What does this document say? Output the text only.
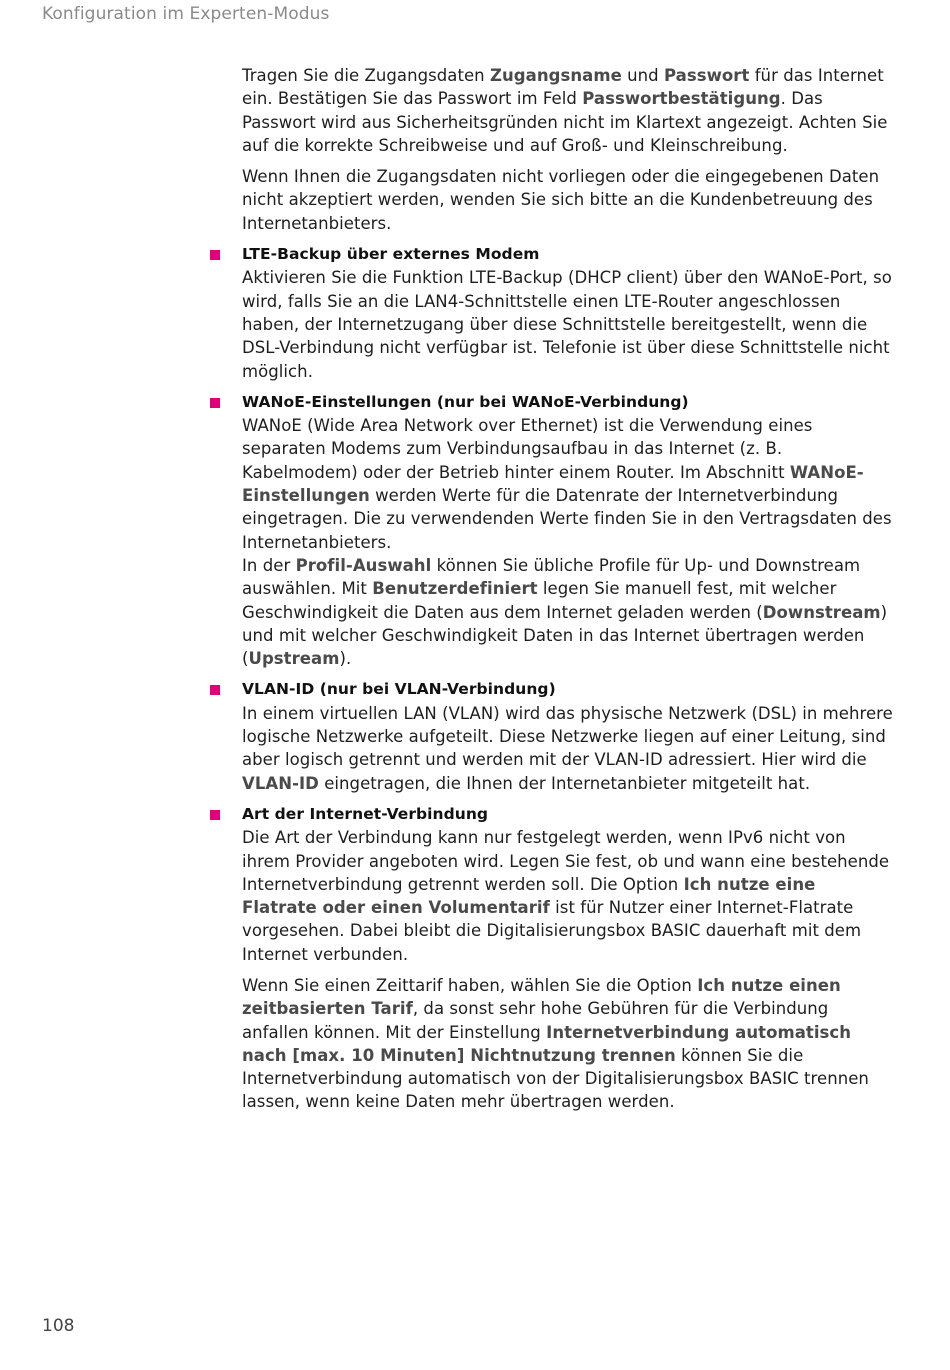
Konfiguration im Experten-Modus

Tragen Sie die Zugangsdaten Zugangsname und Passwort für das Internet ein. Bestätigen Sie das Passwort im Feld Passwortbestätigung. Das Passwort wird aus Sicherheitsgründen nicht im Klartext angezeigt. Achten Sie auf die korrekte Schreibweise und auf Groß- und Kleinschreibung.

Wenn Ihnen die Zugangsdaten nicht vorliegen oder die eingegebenen Daten nicht akzeptiert werden, wenden Sie sich bitte an die Kundenbetreuung des Internetanbieters.

LTE-Backup über externes Modem

Aktivieren Sie die Funktion LTE-Backup (DHCP client) über den WANoE-Port, so wird, falls Sie an die LAN4-Schnittstelle einen LTE-Router angeschlossen haben, der Internetzugang über diese Schnittstelle bereitgestellt, wenn die DSL-Verbindung nicht verfügbar ist. Telefonie ist über diese Schnittstelle nicht möglich.

WANoE-Einstellungen (nur bei WANoE-Verbindung)

WANoE (Wide Area Network over Ethernet) ist die Verwendung eines separaten Modems zum Verbindungsaufbau in das Internet (z. B. Kabelmodem) oder der Betrieb hinter einem Router. Im Abschnitt WANoE-Einstellungen werden Werte für die Datenrate der Internetverbindung eingetragen. Die zu verwendenden Werte finden Sie in den Vertragsdaten des Internetanbieters.

In der Profil-Auswahl können Sie übliche Profile für Up- und Downstream auswählen. Mit Benutzerdefiniert legen Sie manuell fest, mit welcher Geschwindigkeit die Daten aus dem Internet geladen werden (Downstream) und mit welcher Geschwindigkeit Daten in das Internet übertragen werden (Upstream).

VLAN-ID (nur bei VLAN-Verbindung)

In einem virtuellen LAN (VLAN) wird das physische Netzwerk (DSL) in mehrere logische Netzwerke aufgeteilt. Diese Netzwerke liegen auf einer Leitung, sind aber logisch getrennt und werden mit der VLAN-ID adressiert. Hier wird die VLAN-ID eingetragen, die Ihnen der Internetanbieter mitgeteilt hat.

Art der Internet-Verbindung

Die Art der Verbindung kann nur festgelegt werden, wenn IPv6 nicht von ihrem Provider angeboten wird. Legen Sie fest, ob und wann eine bestehende Internetverbindung getrennt werden soll. Die Option Ich nutze eine Flatrate oder einen Volumentarif ist für Nutzer einer Internet-Flatrate vorgesehen. Dabei bleibt die Digitalisierungsbox BASIC dauerhaft mit dem Internet verbunden.

Wenn Sie einen Zeittarif haben, wählen Sie die Option Ich nutze einen zeitbasierten Tarif, da sonst sehr hohe Gebühren für die Verbindung anfallen können. Mit der Einstellung Internetverbindung automatisch nach [max. 10 Minuten] Nichtnutzung trennen können Sie die Internetverbindung automatisch von der Digitalisierungsbox BASIC trennen lassen, wenn keine Daten mehr übertragen werden.

108
